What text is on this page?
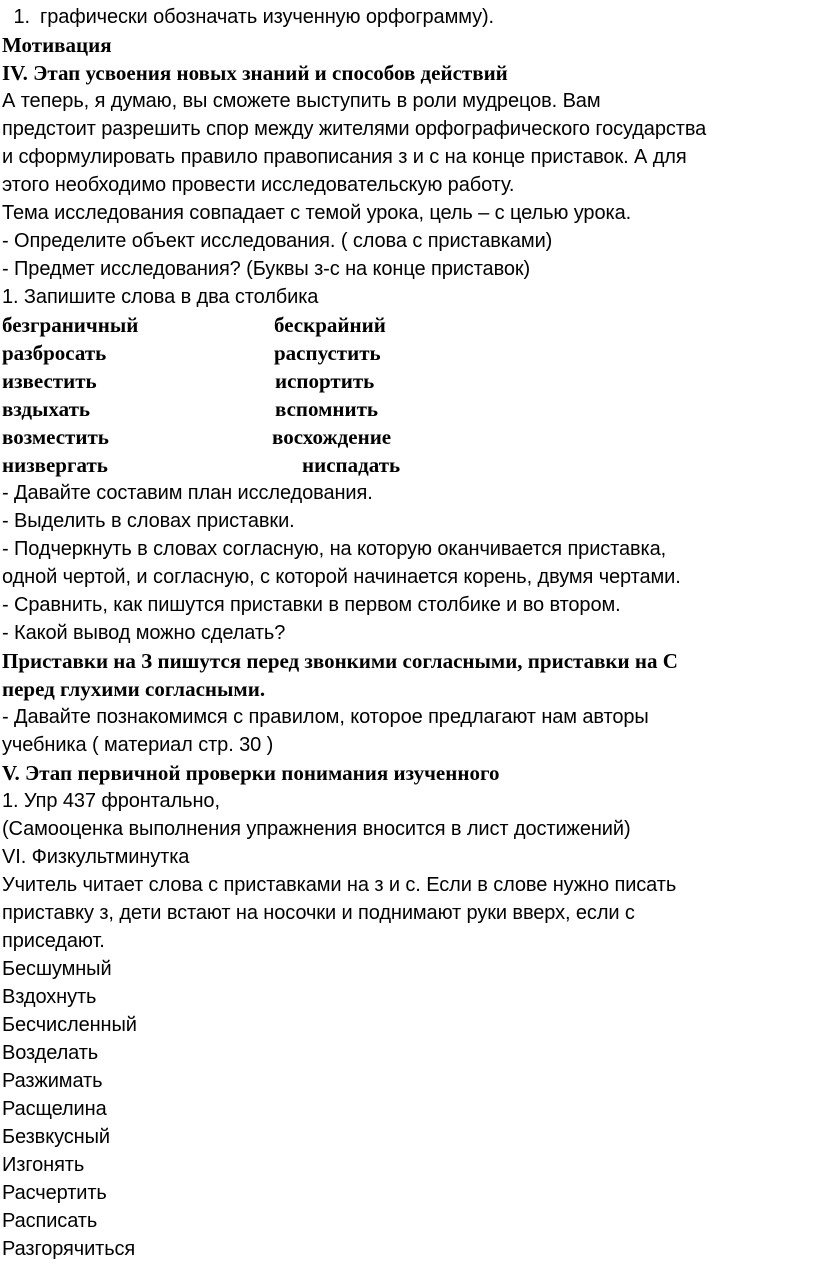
1. графически обозначать изученную орфограмму).
Мотивация
IV. Этап усвоения новых знаний и способов действий
А теперь, я думаю, вы сможете выступить в роли мудрецов. Вам
предстоит разрешить спор между жителями орфографического государства
и сформулировать правило правописания з и с на конце приставок. А для
этого необходимо провести исследовательскую работу.
Тема исследования совпадает с темой урока, цель – с целью урока.
- Определите объект исследования. ( слова с приставками)
- Предмет исследования? (Буквы з-с на конце приставок)
1. Запишите слова в два столбика
безграничный	бескрайний
разбросать	распустить
известить	испортить
вздыхать	вспомнить
возместить	восхождение
низвергать	ниспадать
- Давайте составим план исследования.
- Выделить в словах приставки.
- Подчеркнуть в словах согласную, на которую оканчивается приставка,
одной чертой, и согласную, с которой начинается корень, двумя чертами.
- Сравнить, как пишутся приставки в первом столбике и во втором.
- Какой вывод можно сделать?
Приставки на З пишутся перед звонкими согласными, приставки на С
перед глухими согласными.
- Давайте познакомимся с правилом, которое предлагают нам авторы
учебника ( материал стр. 30 )
V. Этап первичной проверки понимания изученного
1. Упр 437 фронтально,
(Самооценка выполнения упражнения вносится в лист достижений)
VI. Физкультминутка
Учитель читает слова с приставками на з и с. Если в слове нужно писать
приставку з, дети встают на носочки и поднимают руки вверх, если с
приседают.
Бесшумный
Вздохнуть
Бесчисленный
Возделать
Разжимать
Расщелина
Безвкусный
Изгонять
Расчертить
Расписать
Разгорячиться
